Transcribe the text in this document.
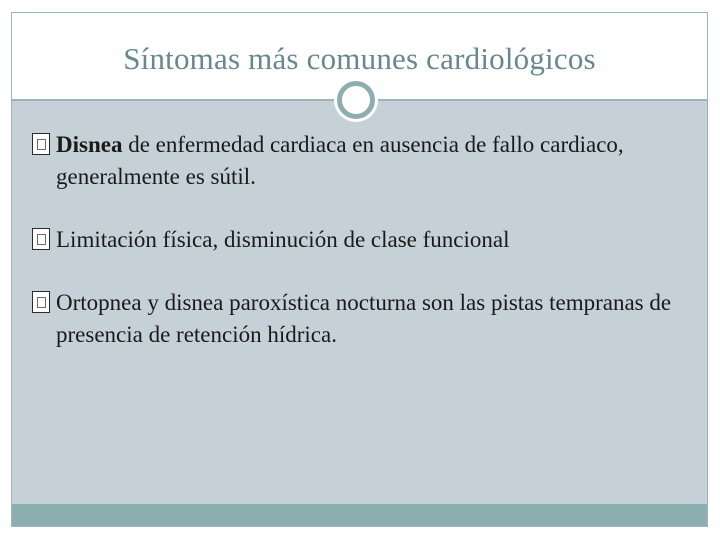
Síntomas más comunes cardiológicos
Disnea de enfermedad cardiaca en ausencia de fallo cardiaco, generalmente es sútil.
Limitación física, disminución de clase funcional
Ortopnea y disnea paroxística nocturna son las pistas tempranas de presencia de retención hídrica.
